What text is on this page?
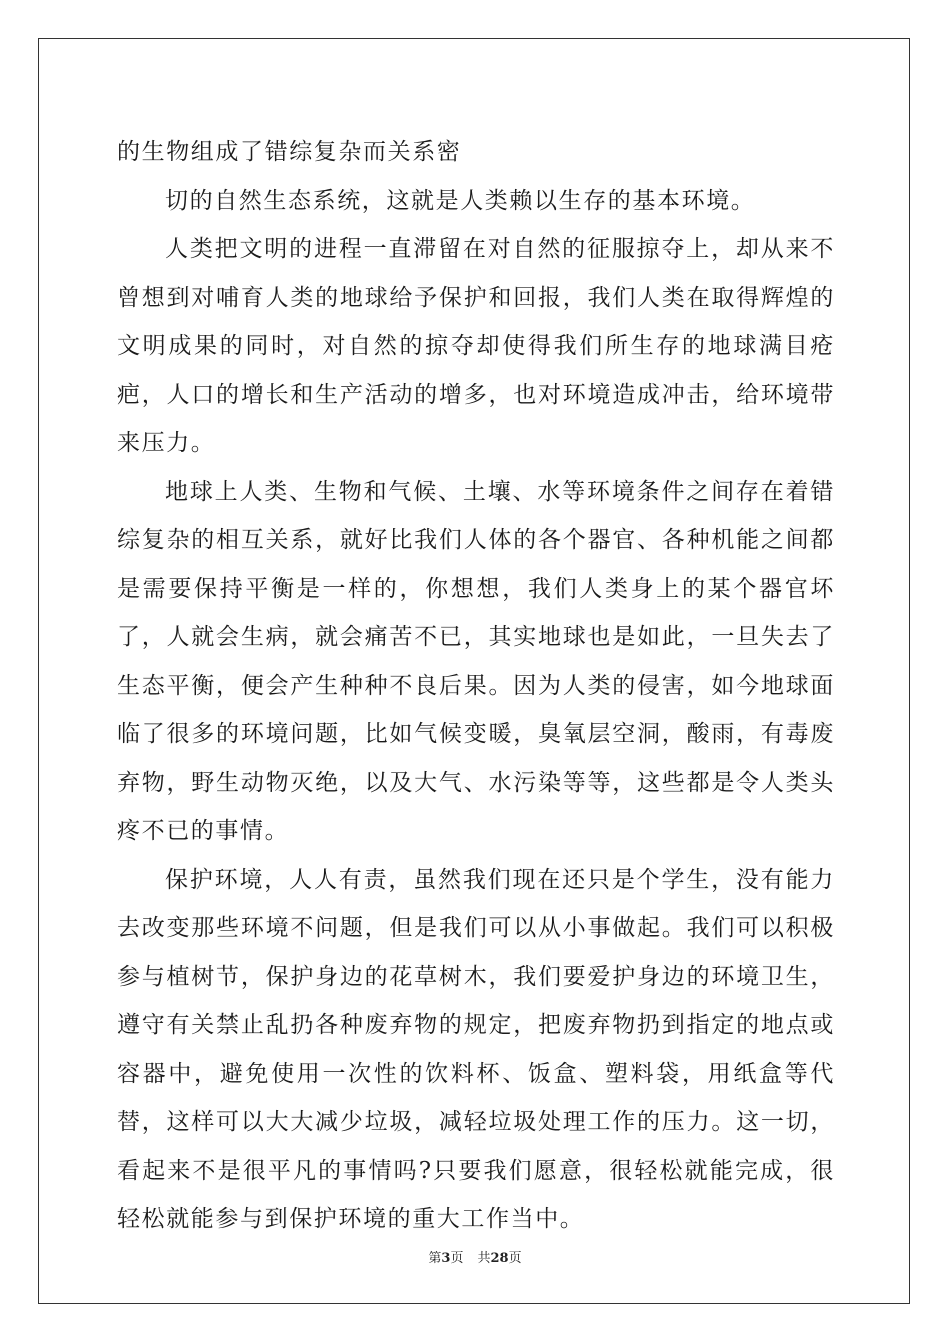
的生物组成了错综复杂而关系密

切的自然生态系统，这就是人类赖以生存的基本环境。

人类把文明的进程一直滞留在对自然的征服掠夺上，却从来不曾想到对哺育人类的地球给予保护和回报，我们人类在取得辉煌的文明成果的同时，对自然的掠夺却使得我们所生存的地球满目疮疤，人口的增长和生产活动的增多，也对环境造成冲击，给环境带来压力。

地球上人类、生物和气候、土壤、水等环境条件之间存在着错综复杂的相互关系，就好比我们人体的各个器官、各种机能之间都是需要保持平衡是一样的，你想想，我们人类身上的某个器官坏了，人就会生病，就会痛苦不已，其实地球也是如此，一旦失去了生态平衡，便会产生种种不良后果。因为人类的侵害，如今地球面临了很多的环境问题，比如气候变暖，臭氧层空洞，酸雨，有毒废弃物，野生动物灭绝，以及大气、水污染等等，这些都是令人类头疼不已的事情。

保护环境，人人有责，虽然我们现在还只是个学生，没有能力去改变那些环境不问题，但是我们可以从小事做起。我们可以积极参与植树节，保护身边的花草树木，我们要爱护身边的环境卫生，遵守有关禁止乱扔各种废弃物的规定，把废弃物扔到指定的地点或容器中，避免使用一次性的饮料杯、饭盒、塑料袋，用纸盒等代替，这样可以大大减少垃圾，减轻垃圾处理工作的压力。这一切，看起来不是很平凡的事情吗?只要我们愿意，很轻松就能完成，很轻松就能参与到保护环境的重大工作当中。

第3页 共28页
